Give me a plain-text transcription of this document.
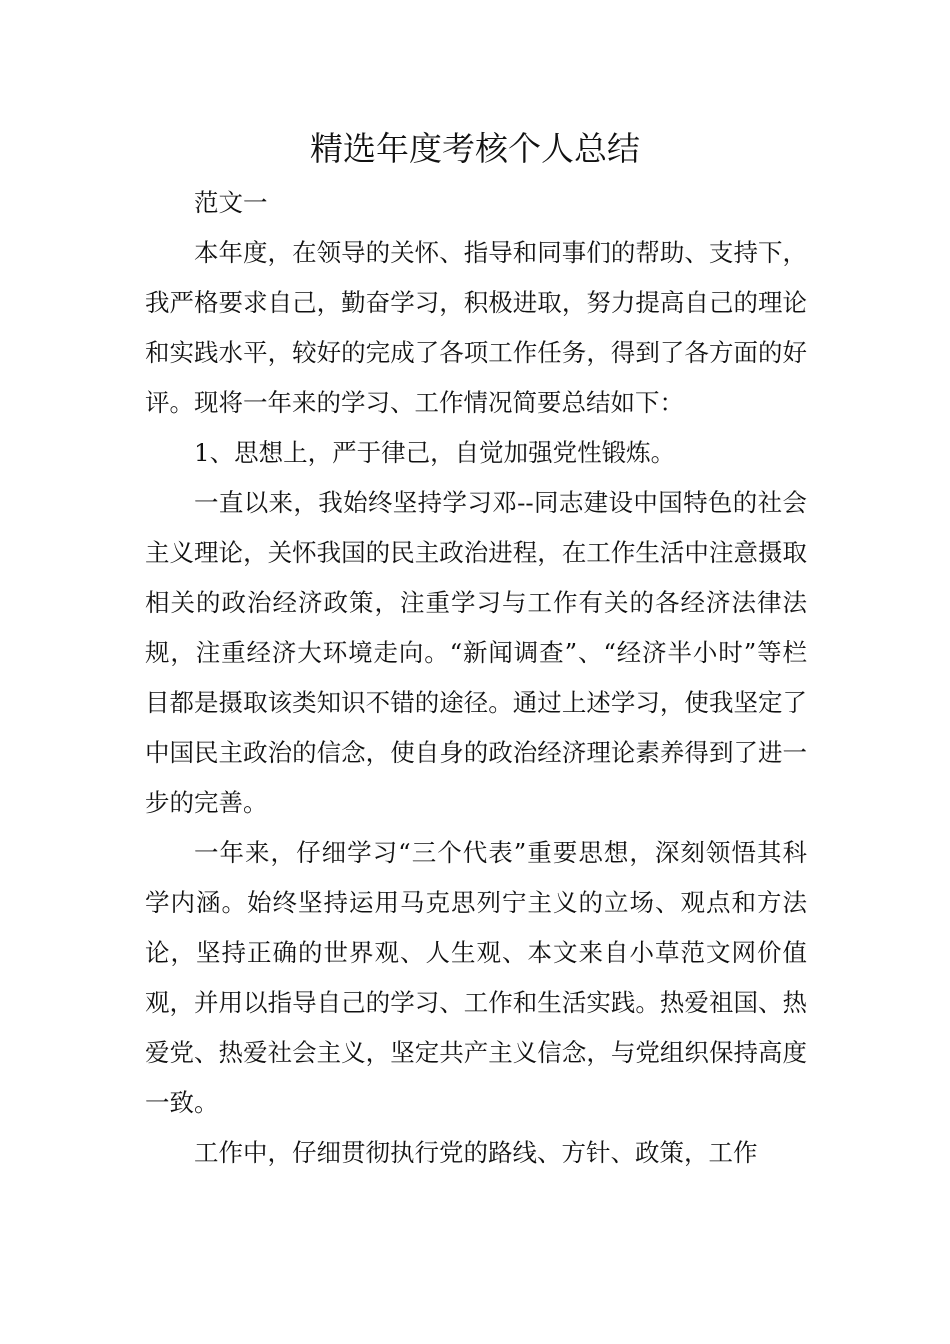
精选年度考核个人总结

范文一

本年度，在领导的关怀、指导和同事们的帮助、支持下，我严格要求自己，勤奋学习，积极进取，努力提高自己的理论和实践水平，较好的完成了各项工作任务，得到了各方面的好评。现将一年来的学习、工作情况简要总结如下：

1、思想上，严于律己，自觉加强党性锻炼。

一直以来，我始终坚持学习邓--同志建设中国特色的社会主义理论，关怀我国的民主政治进程，在工作生活中注意摄取相关的政治经济政策，注重学习与工作有关的各经济法律法规，注重经济大环境走向。“新闻调查”、“经济半小时”等栏目都是摄取该类知识不错的途径。通过上述学习，使我坚定了中国民主政治的信念，使自身的政治经济理论素养得到了进一步的完善。

一年来，仔细学习“三个代表”重要思想，深刻领悟其科学内涵。始终坚持运用马克思列宁主义的立场、观点和方法论，坚持正确的世界观、人生观、本文来自小草范文网价值观，并用以指导自己的学习、工作和生活实践。热爱祖国、热爱党、热爱社会主义，坚定共产主义信念，与党组织保持高度一致。

工作中，仔细贯彻执行党的路线、方针、政策，工作
